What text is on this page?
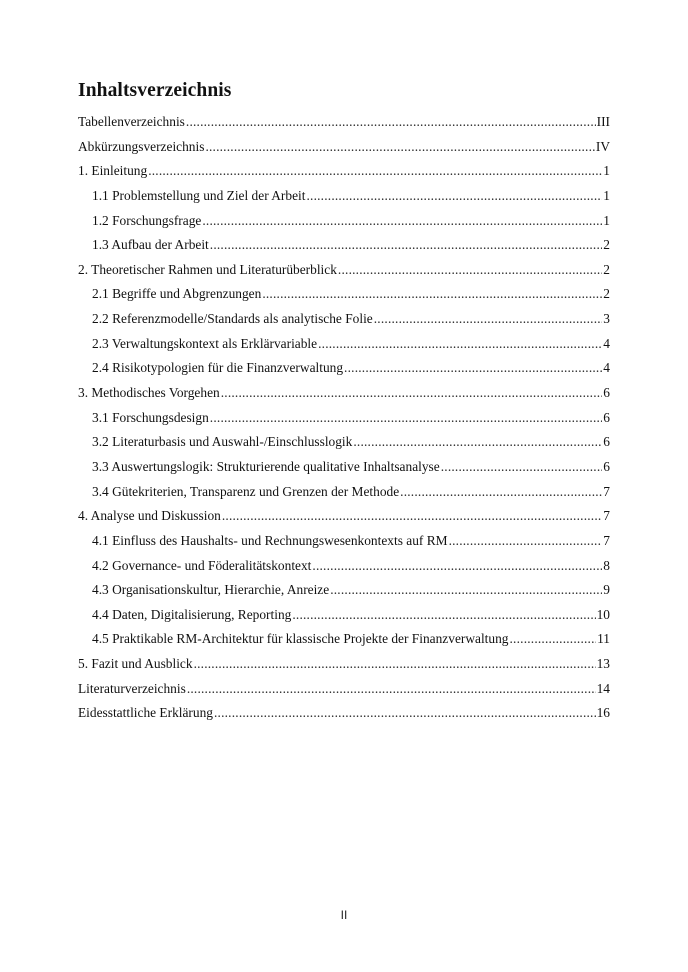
Inhaltsverzeichnis
Tabellenverzeichnis .....	III
Abkürzungsverzeichnis .....	IV
1. Einleitung .....	1
1.1 Problemstellung und Ziel der Arbeit .....	1
1.2 Forschungsfrage .....	1
1.3 Aufbau der Arbeit .....	2
2. Theoretischer Rahmen und Literaturüberblick .....	2
2.1 Begriffe und Abgrenzungen .....	2
2.2 Referenzmodelle/Standards als analytische Folie .....	3
2.3 Verwaltungskontext als Erklärvariable .....	4
2.4 Risikotypologien für die Finanzverwaltung .....	4
3. Methodisches Vorgehen .....	6
3.1 Forschungsdesign .....	6
3.2 Literaturbasis und Auswahl-/Einschlusslogik .....	6
3.3 Auswertungslogik: Strukturierende qualitative Inhaltsanalyse .....	6
3.4 Gütekriterien, Transparenz und Grenzen der Methode .....	7
4. Analyse und Diskussion .....	7
4.1 Einfluss des Haushalts- und Rechnungswesenkontexts auf RM .....	7
4.2 Governance- und Föderalitätskontext .....	8
4.3 Organisationskultur, Hierarchie, Anreize .....	9
4.4 Daten, Digitalisierung, Reporting .....	10
4.5 Praktikable RM-Architektur für klassische Projekte der Finanzverwaltung .....	11
5. Fazit und Ausblick .....	13
Literaturverzeichnis .....	14
Eidesstattliche Erklärung .....	16
II
